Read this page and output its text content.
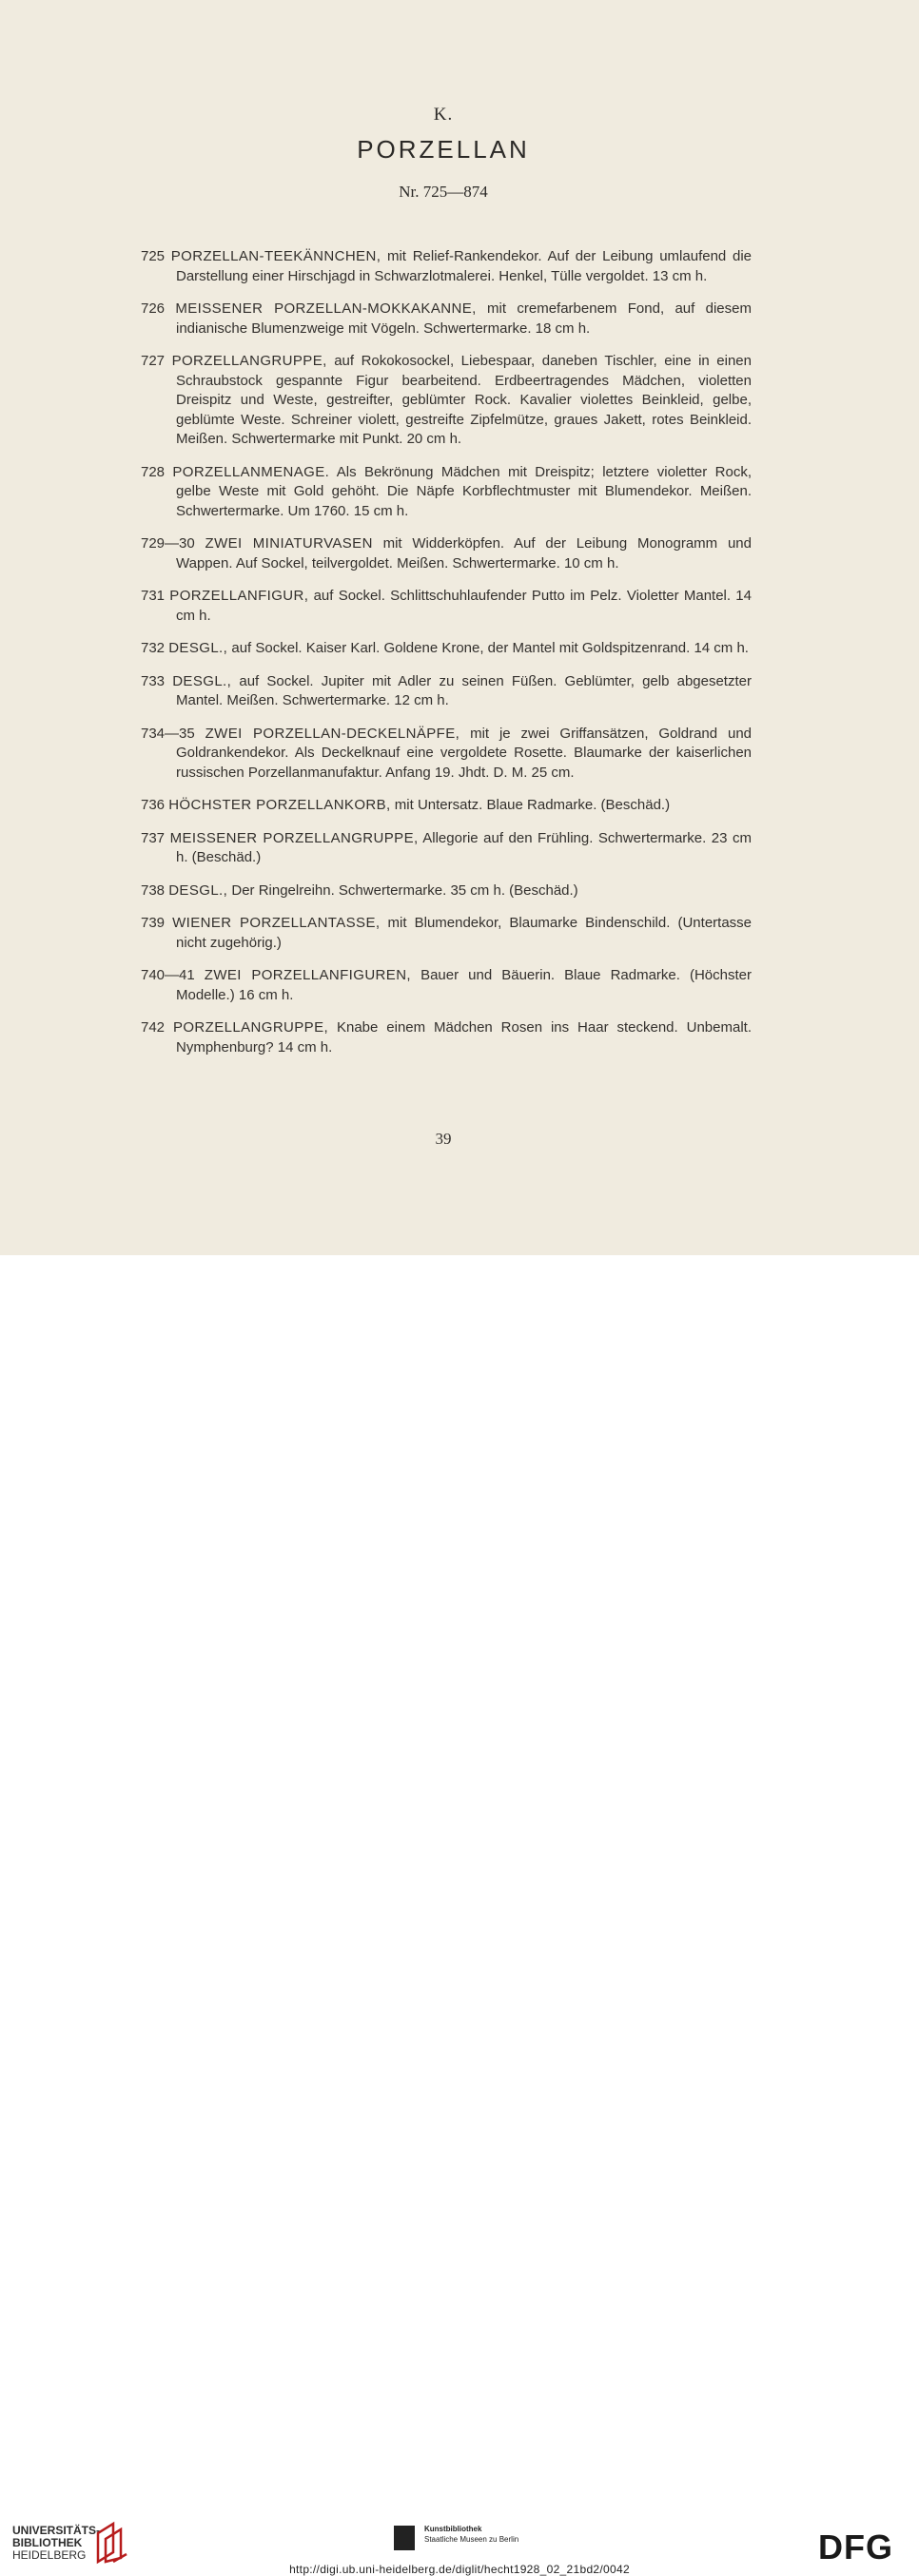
K.
PORZELLAN
Nr. 725—874
725 PORZELLAN-TEEKÄNNCHEN, mit Relief-Rankendekor. Auf der Leibung umlaufend die Darstellung einer Hirschjagd in Schwarzlotmalerei. Henkel, Tülle vergoldet. 13 cm h.
726 MEISSENER PORZELLAN-MOKKAKANNE, mit cremefarbenem Fond, auf diesem indianische Blumenzweige mit Vögeln. Schwertermarke. 18 cm h.
727 PORZELLANGRUPPE, auf Rokokosockel, Liebespaar, daneben Tischler, eine in einen Schraubstock gespannte Figur bearbeitend. Erdbeertragendes Mädchen, violetten Dreispitz und Weste, gestreifter, geblümter Rock. Kavalier violettes Beinkleid, gelbe, geblümte Weste. Schreiner violett, gestreifte Zipfelmütze, graues Jakett, rotes Beinkleid. Meißen. Schwertermarke mit Punkt. 20 cm h.
728 PORZELLANMENAGE. Als Bekrönung Mädchen mit Dreispitz; letztere violetter Rock, gelbe Weste mit Gold gehöht. Die Näpfe Korbflechtmuster mit Blumendekor. Meißen. Schwertermarke. Um 1760. 15 cm h.
729—30 ZWEI MINIATURVASEN mit Widderköpfen. Auf der Leibung Monogramm und Wappen. Auf Sockel, teilvergoldet. Meißen. Schwertermarke. 10 cm h.
731 PORZELLANFIGUR, auf Sockel. Schlittschuhlaufender Putto im Pelz. Violetter Mantel. 14 cm h.
732 DESGL., auf Sockel. Kaiser Karl. Goldene Krone, der Mantel mit Goldspitzenrand. 14 cm h.
733 DESGL., auf Sockel. Jupiter mit Adler zu seinen Füßen. Geblümter, gelb abgesetzter Mantel. Meißen. Schwertermarke. 12 cm h.
734—35 ZWEI PORZELLAN-DECKELNÄPFE, mit je zwei Griffansätzen, Goldrand und Goldrankendekor. Als Deckelknauf eine vergoldete Rosette. Blaumarke der kaiserlichen russischen Porzellanmanufaktur. Anfang 19. Jhdt. D. M. 25 cm.
736 HÖCHSTER PORZELLANKORB, mit Untersatz. Blaue Radmarke. (Beschäd.)
737 MEISSENER PORZELLANGRUPPE, Allegorie auf den Frühling. Schwertermarke. 23 cm h. (Beschäd.)
738 DESGL., Der Ringelreihn. Schwertermarke. 35 cm h. (Beschäd.)
739 WIENER PORZELLANTASSE, mit Blumendekor, Blaumarke Bindenschild. (Untertasse nicht zugehörig.)
740—41 ZWEI PORZELLANFIGUREN, Bauer und Bäuerin. Blaue Radmarke. (Höchster Modelle.) 16 cm h.
742 PORZELLANGRUPPE, Knabe einem Mädchen Rosen ins Haar steckend. Unbemalt. Nymphenburg? 14 cm h.
39
UNIVERSITÄTS-
BIBLIOTHEK
HEIDELBERG
Kunstbibliothek
Staatliche Museen zu Berlin	DFG
http://digi.ub.uni-heidelberg.de/diglit/hecht1928_02_21bd2/0042
